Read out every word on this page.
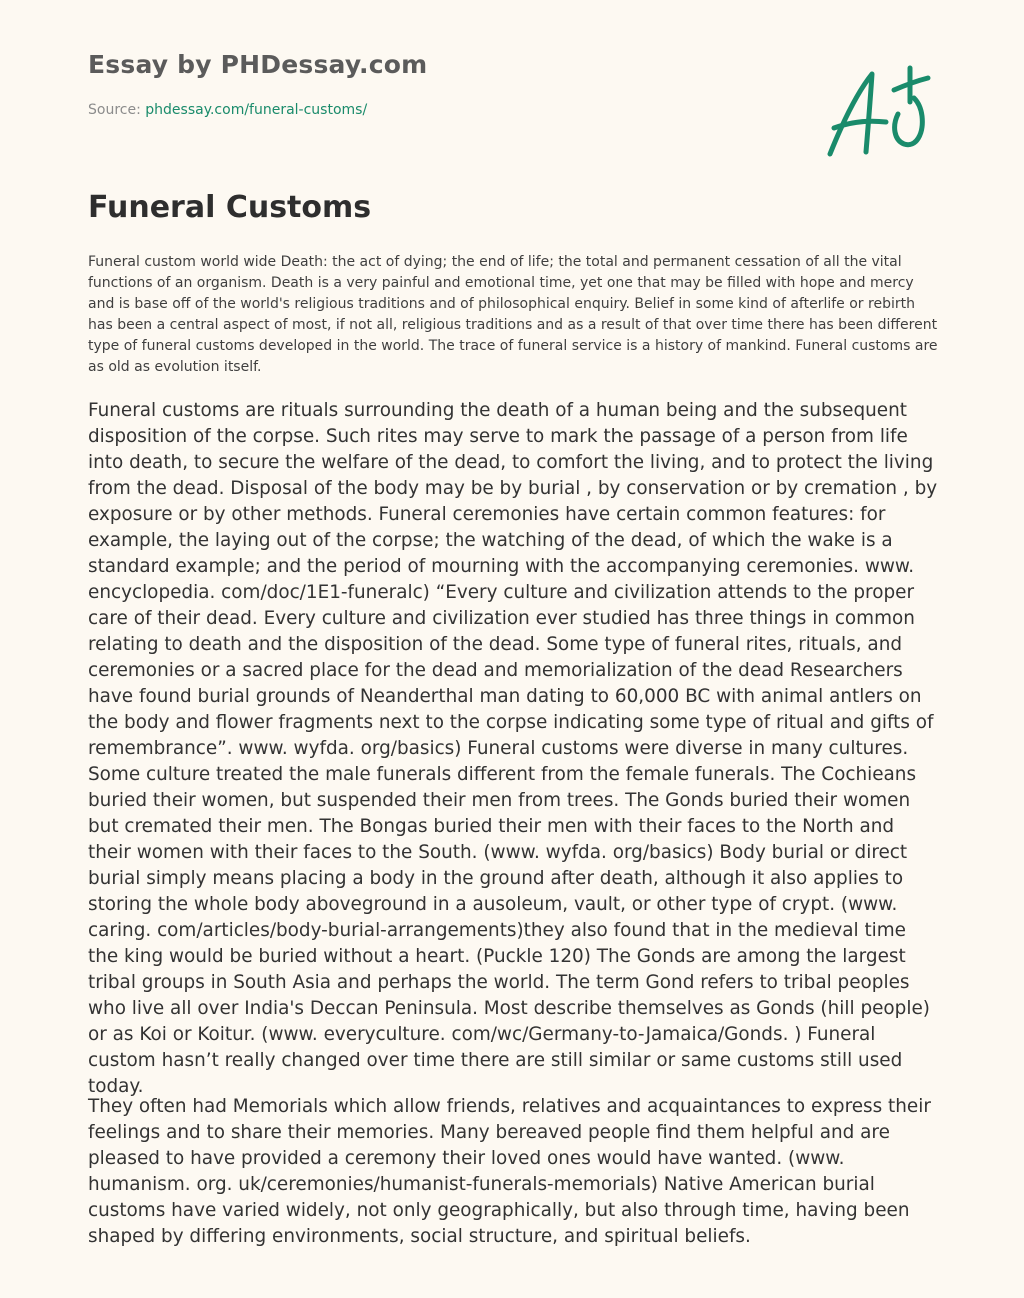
Essay by PHDessay.com
Source: phdessay.com/funeral-customs/
Funeral Customs

Funeral custom world wide Death: the act of dying; the end of life; the total and permanent cessation of all the vital functions of an organism. Death is a very painful and emotional time, yet one that may be filled with hope and mercy and is base off of the world's religious traditions and of philosophical enquiry. Belief in some kind of afterlife or rebirth has been a central aspect of most, if not all, religious traditions and as a result of that over time there has been different type of funeral customs developed in the world. The trace of funeral service is a history of mankind. Funeral customs are as old as evolution itself.

Funeral customs are rituals surrounding the death of a human being and the subsequent disposition of the corpse. Such rites may serve to mark the passage of a person from life into death, to secure the welfare of the dead, to comfort the living, and to protect the living from the dead. Disposal of the body may be by burial , by conservation or by cremation , by exposure or by other methods. Funeral ceremonies have certain common features: for example, the laying out of the corpse; the watching of the dead, of which the wake is a standard example; and the period of mourning with the accompanying ceremonies. www. encyclopedia. com/doc/1E1-funeralc) “Every culture and civilization attends to the proper care of their dead. Every culture and civilization ever studied has three things in common relating to death and the disposition of the dead. Some type of funeral rites, rituals, and ceremonies or a sacred place for the dead and memorialization of the dead Researchers have found burial grounds of Neanderthal man dating to 60,000 BC with animal antlers on the body and flower fragments next to the corpse indicating some type of ritual and gifts of remembrance”. www. wyfda. org/basics) Funeral customs were diverse in many cultures. Some culture treated the male funerals different from the female funerals. The Cochieans buried their women, but suspended their men from trees. The Gonds buried their women but cremated their men. The Bongas buried their men with their faces to the North and their women with their faces to the South. (www. wyfda. org/basics) Body burial or direct burial simply means placing a body in the ground after death, although it also applies to storing the whole body aboveground in a ausoleum, vault, or other type of crypt. (www. caring. com/articles/body-burial-arrangements)they also found that in the medieval time the king would be buried without a heart. (Puckle 120) The Gonds are among the largest tribal groups in South Asia and perhaps the world. The term Gond refers to tribal peoples who live all over India's Deccan Peninsula. Most describe themselves as Gonds (hill people) or as Koi or Koitur. (www. everyculture. com/wc/Germany-to-Jamaica/Gonds. ) Funeral custom hasn’t really changed over time there are still similar or same customs still used today.

They often had Memorials which allow friends, relatives and acquaintances to express their feelings and to share their memories. Many bereaved people find them helpful and are pleased to have provided a ceremony their loved ones would have wanted. (www. humanism. org. uk/ceremonies/humanist-funerals-memorials) Native American burial customs have varied widely, not only geographically, but also through time, having been shaped by differing environments, social structure, and spiritual beliefs.
